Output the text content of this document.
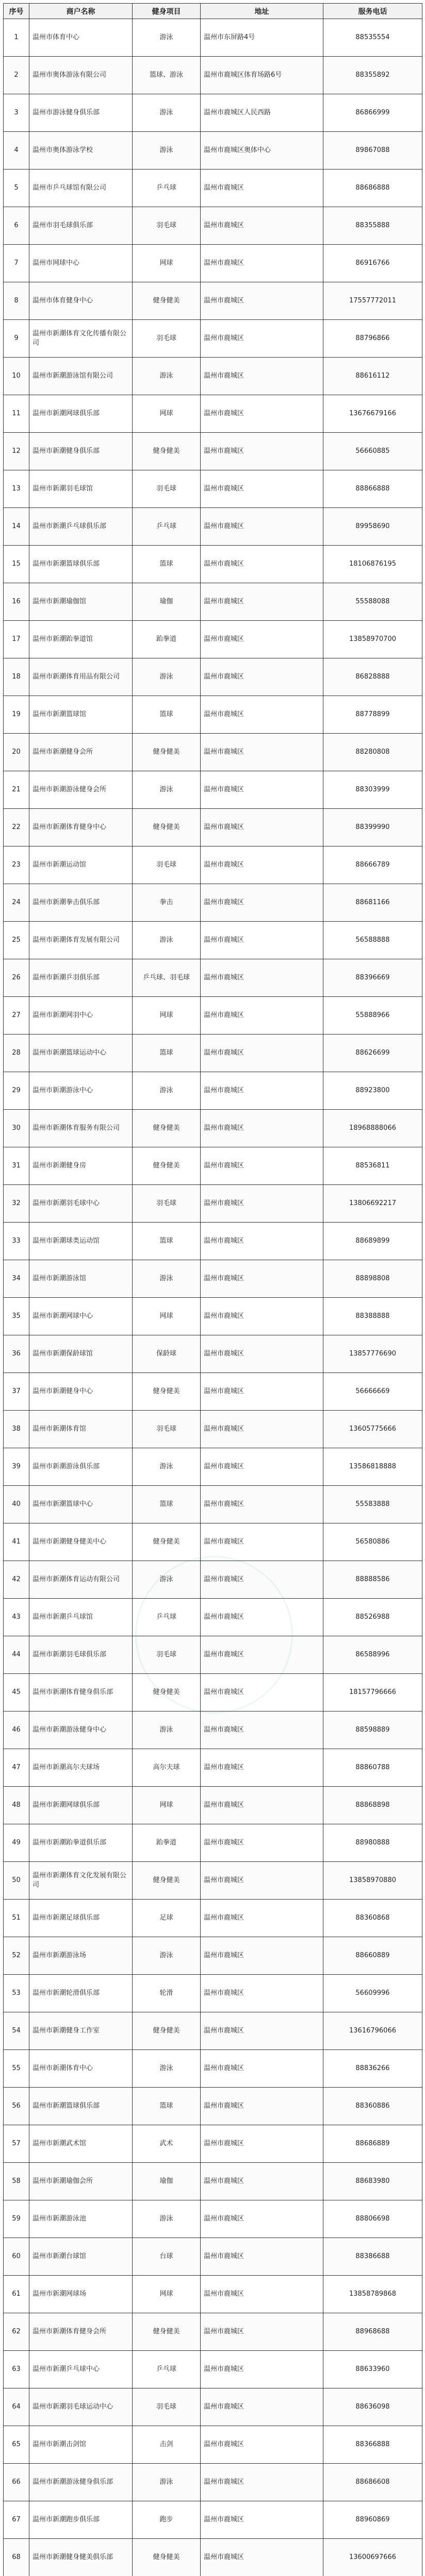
序号	商户名称	健身项目	地址	服务电话
1	温州市体育中心	游泳	温州市东屏路4号	88535554
2	温州市奥体游泳有限公司	篮球、游泳	温州市鹿城区体育场路6号	88355892
3	温州市游泳健身俱乐部	游泳	温州市鹿城区人民西路	86866999
4	温州市奥体游泳学校	游泳	温州市鹿城区奥体中心	89867088
5	温州市乒乓球馆有限公司	乒乓球	温州市鹿城区	88686888
6	温州市羽毛球俱乐部	羽毛球	温州市鹿城区	88355888
7	温州市网球中心	网球	温州市鹿城区	86916766
8	温州市体育健身中心	健身健美	温州市鹿城区	17557772011
9	温州市新潮体育文化传播有限公司	羽毛球	温州市鹿城区	88796866
10	温州市新潮游泳馆有限公司	游泳	温州市鹿城区	88616112
11	温州市新潮网球俱乐部	网球	温州市鹿城区	13676679166
12	温州市新潮健身俱乐部	健身健美	温州市鹿城区	56660885
13	温州市新潮羽毛球馆	羽毛球	温州市鹿城区	88866888
14	温州市新潮乒乓球俱乐部	乒乓球	温州市鹿城区	89958690
15	温州市新潮篮球俱乐部	篮球	温州市鹿城区	18106876195
16	温州市新潮瑜伽馆	瑜伽	温州市鹿城区	55588088
17	温州市新潮跆拳道馆	跆拳道	温州市鹿城区	13858970700
18	温州市新潮体育用品有限公司	游泳	温州市鹿城区	86828888
19	温州市新潮篮球馆	篮球	温州市鹿城区	88778899
20	温州市新潮健身会所	健身健美	温州市鹿城区	88280808
21	温州市新潮游泳健身会所	游泳	温州市鹿城区	88303999
22	温州市新潮体育健身中心	健身健美	温州市鹿城区	88399990
23	温州市新潮运动馆	羽毛球	温州市鹿城区	88666789
24	温州市新潮拳击俱乐部	拳击	温州市鹿城区	88681166
25	温州市新潮体育发展有限公司	游泳	温州市鹿城区	56588888
26	温州市新潮乒羽俱乐部	乒乓球、羽毛球	温州市鹿城区	88396669
27	温州市新潮网羽中心	网球	温州市鹿城区	55888966
28	温州市新潮篮球运动中心	篮球	温州市鹿城区	88626699
29	温州市新潮游泳中心	游泳	温州市鹿城区	88923800
30	温州市新潮体育服务有限公司	健身健美	温州市鹿城区	18968888066
31	温州市新潮健身房	健身健美	温州市鹿城区	88536811
32	温州市新潮羽毛球中心	羽毛球	温州市鹿城区	13806692217
33	温州市新潮球类运动馆	篮球	温州市鹿城区	88689899
34	温州市新潮游泳馆	游泳	温州市鹿城区	88898808
35	温州市新潮网球中心	网球	温州市鹿城区	88388888
36	温州市新潮保龄球馆	保龄球	温州市鹿城区	13857776690
37	温州市新潮健身中心	健身健美	温州市鹿城区	56666669
38	温州市新潮体育馆	羽毛球	温州市鹿城区	13605775666
39	温州市新潮游泳俱乐部	游泳	温州市鹿城区	13586818888
40	温州市新潮篮球中心	篮球	温州市鹿城区	55583888
41	温州市新潮健身健美中心	健身健美	温州市鹿城区	56580886
42	温州市新潮体育运动有限公司	游泳	温州市鹿城区	88888586
43	温州市新潮乒乓球馆	乒乓球	温州市鹿城区	88526988
44	温州市新潮羽毛球俱乐部	羽毛球	温州市鹿城区	86588996
45	温州市新潮体育健身俱乐部	健身健美	温州市鹿城区	18157796666
46	温州市新潮游泳健身中心	游泳	温州市鹿城区	88598889
47	温州市新潮高尔夫球场	高尔夫球	温州市鹿城区	88860788
48	温州市新潮网球俱乐部	网球	温州市鹿城区	88868898
49	温州市新潮跆拳道俱乐部	跆拳道	温州市鹿城区	88980888
50	温州市新潮体育文化发展有限公司	健身健美	温州市鹿城区	13858970880
51	温州市新潮足球俱乐部	足球	温州市鹿城区	88360868
52	温州市新潮游泳场	游泳	温州市鹿城区	88660889
53	温州市新潮轮滑俱乐部	轮滑	温州市鹿城区	56609996
54	温州市新潮健身工作室	健身健美	温州市鹿城区	13616796066
55	温州市新潮体育中心	游泳	温州市鹿城区	88836266
56	温州市新潮篮球俱乐部	篮球	温州市鹿城区	88360886
57	温州市新潮武术馆	武术	温州市鹿城区	88686889
58	温州市新潮瑜伽会所	瑜伽	温州市鹿城区	88683980
59	温州市新潮游泳池	游泳	温州市鹿城区	88806698
60	温州市新潮台球馆	台球	温州市鹿城区	88386688
61	温州市新潮网球场	网球	温州市鹿城区	13858789868
62	温州市新潮体育健身会所	健身健美	温州市鹿城区	88968688
63	温州市新潮乒乓球中心	乒乓球	温州市鹿城区	88633960
64	温州市新潮羽毛球运动中心	羽毛球	温州市鹿城区	88636098
65	温州市新潮击剑馆	击剑	温州市鹿城区	88366888
66	温州市新潮游泳健身俱乐部	游泳	温州市鹿城区	88686608
67	温州市新潮跑步俱乐部	跑步	温州市鹿城区	88960869
68	温州市新潮健身健美俱乐部	健身健美	温州市鹿城区	13600697666
